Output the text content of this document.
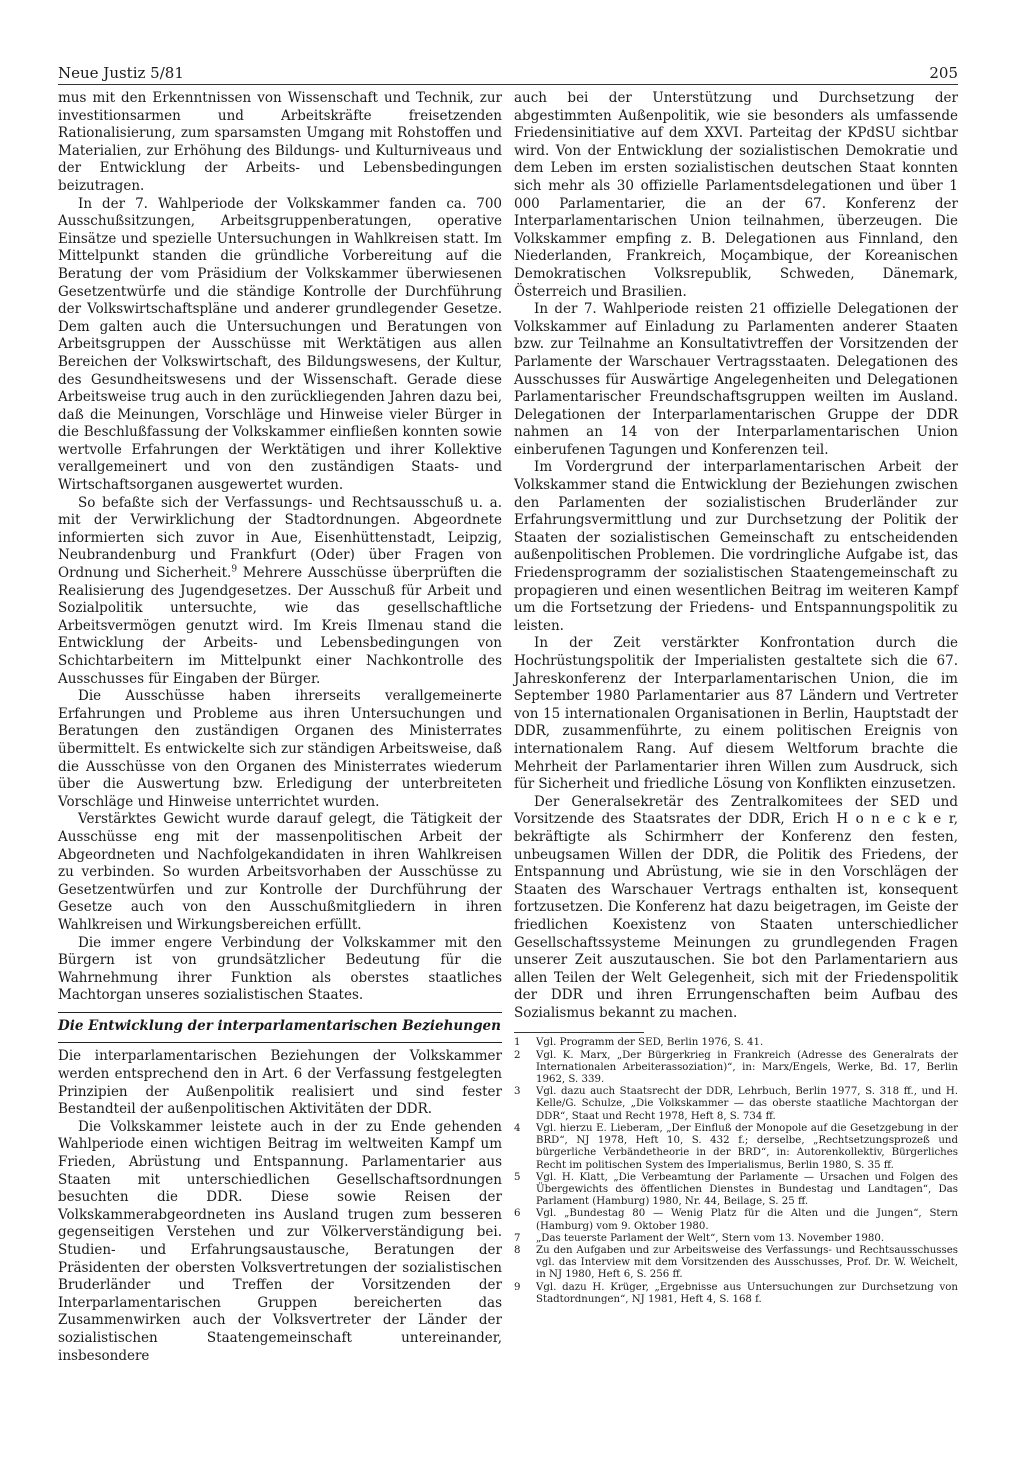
Neue Justiz 5/81	205

mus mit den Erkenntnissen von Wissenschaft und Technik, zur investitionsarmen und Arbeitskräfte freisetzenden Rationalisierung, zum sparsamsten Umgang mit Rohstoffen und Materialien, zur Erhöhung des Bildungs- und Kulturniveaus und der Entwicklung der Arbeits- und Lebensbedingungen beizutragen.

In der 7. Wahlperiode der Volkskammer fanden ca. 700 Ausschußsitzungen, Arbeitsgruppenberatungen, operative Einsätze und spezielle Untersuchungen in Wahlkreisen statt. Im Mittelpunkt standen die gründliche Vorbereitung auf die Beratung der vom Präsidium der Volkskammer überwiesenen Gesetzentwürfe und die ständige Kontrolle der Durchführung der Volkswirtschaftspläne und anderer grundlegender Gesetze. Dem galten auch die Untersuchungen und Beratungen von Arbeitsgruppen der Ausschüsse mit Werktätigen aus allen Bereichen der Volkswirtschaft, des Bildungswesens, der Kultur, des Gesundheitswesens und der Wissenschaft. Gerade diese Arbeitsweise trug auch in den zurückliegenden Jahren dazu bei, daß die Meinungen, Vorschläge und Hinweise vieler Bürger in die Beschlußfassung der Volkskammer einfließen konnten sowie wertvolle Erfahrungen der Werktätigen und ihrer Kollektive verallgemeinert und von den zuständigen Staats- und Wirtschaftsorganen ausgewertet wurden.

So befaßte sich der Verfassungs- und Rechtsausschuß u. a. mit der Verwirklichung der Stadtordnungen. Abgeordnete informierten sich zuvor in Aue, Eisenhüttenstadt, Leipzig, Neubrandenburg und Frankfurt (Oder) über Fragen von Ordnung und Sicherheit.$^9$ Mehrere Ausschüsse überprüften die Realisierung des Jugendgesetzes. Der Ausschuß für Arbeit und Sozialpolitik untersuchte, wie das gesellschaftliche Arbeitsvermögen genutzt wird. Im Kreis Ilmenau stand die Entwicklung der Arbeits- und Lebensbedingungen von Schichtarbeitern im Mittelpunkt einer Nachkontrolle des Ausschusses für Eingaben der Bürger.

Die Ausschüsse haben ihrerseits verallgemeinerte Erfahrungen und Probleme aus ihren Untersuchungen und Beratungen den zuständigen Organen des Ministerrates übermittelt. Es entwickelte sich zur ständigen Arbeitsweise, daß die Ausschüsse von den Organen des Ministerrates wiederum über die Auswertung bzw. Erledigung der unterbreiteten Vorschläge und Hinweise unterrichtet wurden.

Verstärktes Gewicht wurde darauf gelegt, die Tätigkeit der Ausschüsse eng mit der massenpolitischen Arbeit der Abgeordneten und Nachfolgekandidaten in ihren Wahlkreisen zu verbinden. So wurden Arbeitsvorhaben der Ausschüsse zu Gesetzentwürfen und zur Kontrolle der Durchführung der Gesetze auch von den Ausschußmitgliedern in ihren Wahlkreisen und Wirkungsbereichen erfüllt.

Die immer engere Verbindung der Volkskammer mit den Bürgern ist von grundsätzlicher Bedeutung für die Wahrnehmung ihrer Funktion als oberstes staatliches Machtorgan unseres sozialistischen Staates.

Die Entwicklung der interparlamentarischen Beziehungen

Die interparlamentarischen Beziehungen der Volkskammer werden entsprechend den in Art. 6 der Verfassung festgelegten Prinzipien der Außenpolitik realisiert und sind fester Bestandteil der außenpolitischen Aktivitäten der DDR.

Die Volkskammer leistete auch in der zu Ende gehenden Wahlperiode einen wichtigen Beitrag im weltweiten Kampf um Frieden, Abrüstung und Entspannung. Parlamentarier aus Staaten mit unterschiedlichen Gesellschaftsordnungen besuchten die DDR. Diese sowie Reisen der Volkskammerabgeordneten ins Ausland trugen zum besseren gegenseitigen Verstehen und zur Völkerverständigung bei. Studien- und Erfahrungsaustausche, Beratungen der Präsidenten der obersten Volksvertretungen der sozialistischen Bruderländer und Treffen der Vorsitzenden der Interparlamentarischen Gruppen bereicherten das Zusammenwirken auch der Volksvertreter der Länder der sozialistischen Staatengemeinschaft untereinander, insbesondere

auch bei der Unterstützung und Durchsetzung der abgestimmten Außenpolitik, wie sie besonders als umfassende Friedensinitiative auf dem XXVI. Parteitag der KPdSU sichtbar wird. Von der Entwicklung der sozialistischen Demokratie und dem Leben im ersten sozialistischen deutschen Staat konnten sich mehr als 30 offizielle Parlamentsdelegationen und über 1 000 Parlamentarier, die an der 67. Konferenz der Interparlamentarischen Union teilnahmen, überzeugen. Die Volkskammer empfing z. B. Delegationen aus Finnland, den Niederlanden, Frankreich, Moçambique, der Koreanischen Demokratischen Volksrepublik, Schweden, Dänemark, Österreich und Brasilien.

In der 7. Wahlperiode reisten 21 offizielle Delegationen der Volkskammer auf Einladung zu Parlamenten anderer Staaten bzw. zur Teilnahme an Konsultativtreffen der Vorsitzenden der Parlamente der Warschauer Vertragsstaaten. Delegationen des Ausschusses für Auswärtige Angelegenheiten und Delegationen Parlamentarischer Freundschaftsgruppen weilten im Ausland. Delegationen der Interparlamentarischen Gruppe der DDR nahmen an 14 von der Interparlamentarischen Union einberufenen Tagungen und Konferenzen teil.

Im Vordergrund der interparlamentarischen Arbeit der Volkskammer stand die Entwicklung der Beziehungen zwischen den Parlamenten der sozialistischen Bruderländer zur Erfahrungsvermittlung und zur Durchsetzung der Politik der Staaten der sozialistischen Gemeinschaft zu entscheidenden außenpolitischen Problemen. Die vordringliche Aufgabe ist, das Friedensprogramm der sozialistischen Staatengemeinschaft zu propagieren und einen wesentlichen Beitrag im weiteren Kampf um die Fortsetzung der Friedens- und Entspannungspolitik zu leisten.

In der Zeit verstärkter Konfrontation durch die Hochrüstungspolitik der Imperialisten gestaltete sich die 67. Jahreskonferenz der Interparlamentarischen Union, die im September 1980 Parlamentarier aus 87 Ländern und Vertreter von 15 internationalen Organisationen in Berlin, Hauptstadt der DDR, zusammenführte, zu einem politischen Ereignis von internationalem Rang. Auf diesem Weltforum brachte die Mehrheit der Parlamentarier ihren Willen zum Ausdruck, sich für Sicherheit und friedliche Lösung von Konflikten einzusetzen.

Der Generalsekretär des Zentralkomitees der SED und Vorsitzende des Staatsrates der DDR, Erich H o n e c k e r, bekräftigte als Schirmherr der Konferenz den festen, unbeugsamen Willen der DDR, die Politik des Friedens, der Entspannung und Abrüstung, wie sie in den Vorschlägen der Staaten des Warschauer Vertrags enthalten ist, konsequent fortzusetzen. Die Konferenz hat dazu beigetragen, im Geiste der friedlichen Koexistenz von Staaten unterschiedlicher Gesellschaftssysteme Meinungen zu grundlegenden Fragen unserer Zeit auszutauschen. Sie bot den Parlamentariern aus allen Teilen der Welt Gelegenheit, sich mit der Friedenspolitik der DDR und ihren Errungenschaften beim Aufbau des Sozialismus bekannt zu machen.

1	Vgl. Programm der SED, Berlin 1976, S. 41.
2	Vgl. K. Marx, „Der Bürgerkrieg in Frankreich (Adresse des Generalrats der Internationalen Arbeiterassoziation)“, in: Marx/Engels, Werke, Bd. 17, Berlin 1962, S. 339.
3	Vgl. dazu auch Staatsrecht der DDR, Lehrbuch, Berlin 1977, S. 318 ff., und H. Kelle/G. Schulze, „Die Volkskammer — das oberste staatliche Machtorgan der DDR“, Staat und Recht 1978, Heft 8, S. 734 ff.
4	Vgl. hierzu E. Lieberam, „Der Einfluß der Monopole auf die Gesetzgebung in der BRD“, NJ 1978, Heft 10, S. 432 f.; derselbe, „Rechtsetzungsprozeß und bürgerliche Verbändetheorie in der BRD“, in: Autorenkollektiv, Bürgerliches Recht im politischen System des Imperialismus, Berlin 1980, S. 35 ff.
5	Vgl. H. Klatt, „Die Verbeamtung der Parlamente — Ursachen und Folgen des Übergewichts des öffentlichen Dienstes in Bundestag und Landtagen“, Das Parlament (Hamburg) 1980, Nr. 44, Beilage, S. 25 ff.
6	Vgl. „Bundestag 80 — Wenig Platz für die Alten und die Jungen“, Stern (Hamburg) vom 9. Oktober 1980.
7	„Das teuerste Parlament der Welt“, Stern vom 13. November 1980.
8	Zu den Aufgaben und zur Arbeitsweise des Verfassungs- und Rechtsausschusses vgl. das Interview mit dem Vorsitzenden des Ausschusses, Prof. Dr. W. Weichelt, in NJ 1980, Heft 6, S. 256 ff.
9	Vgl. dazu H. Krüger, „Ergebnisse aus Untersuchungen zur Durchsetzung von Stadtordnungen“, NJ 1981, Heft 4, S. 168 f.
